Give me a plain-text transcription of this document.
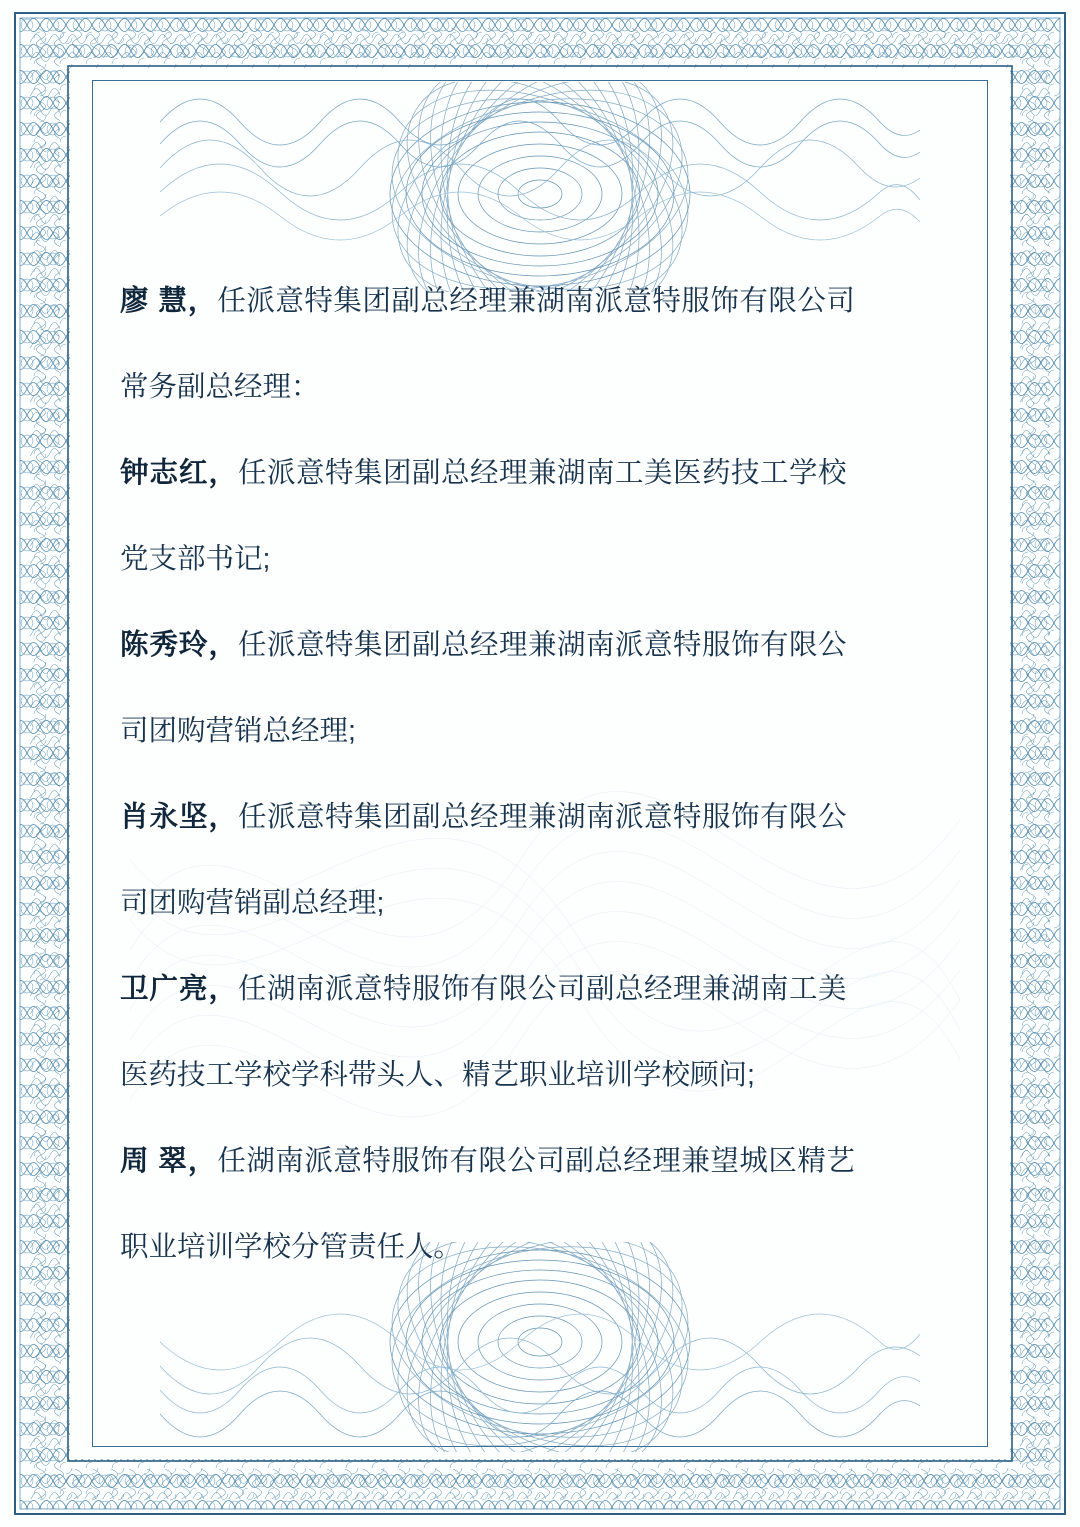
廖 慧，任派意特集团副总经理兼湖南派意特服饰有限公司
常务副总经理：
钟志红，任派意特集团副总经理兼湖南工美医药技工学校
党支部书记;
陈秀玲，任派意特集团副总经理兼湖南派意特服饰有限公
司团购营销总经理;
肖永坚，任派意特集团副总经理兼湖南派意特服饰有限公
司团购营销副总经理;
卫广亮，任湖南派意特服饰有限公司副总经理兼湖南工美
医药技工学校学科带头人、精艺职业培训学校顾问;
周 翠，任湖南派意特服饰有限公司副总经理兼望城区精艺
职业培训学校分管责任人。
